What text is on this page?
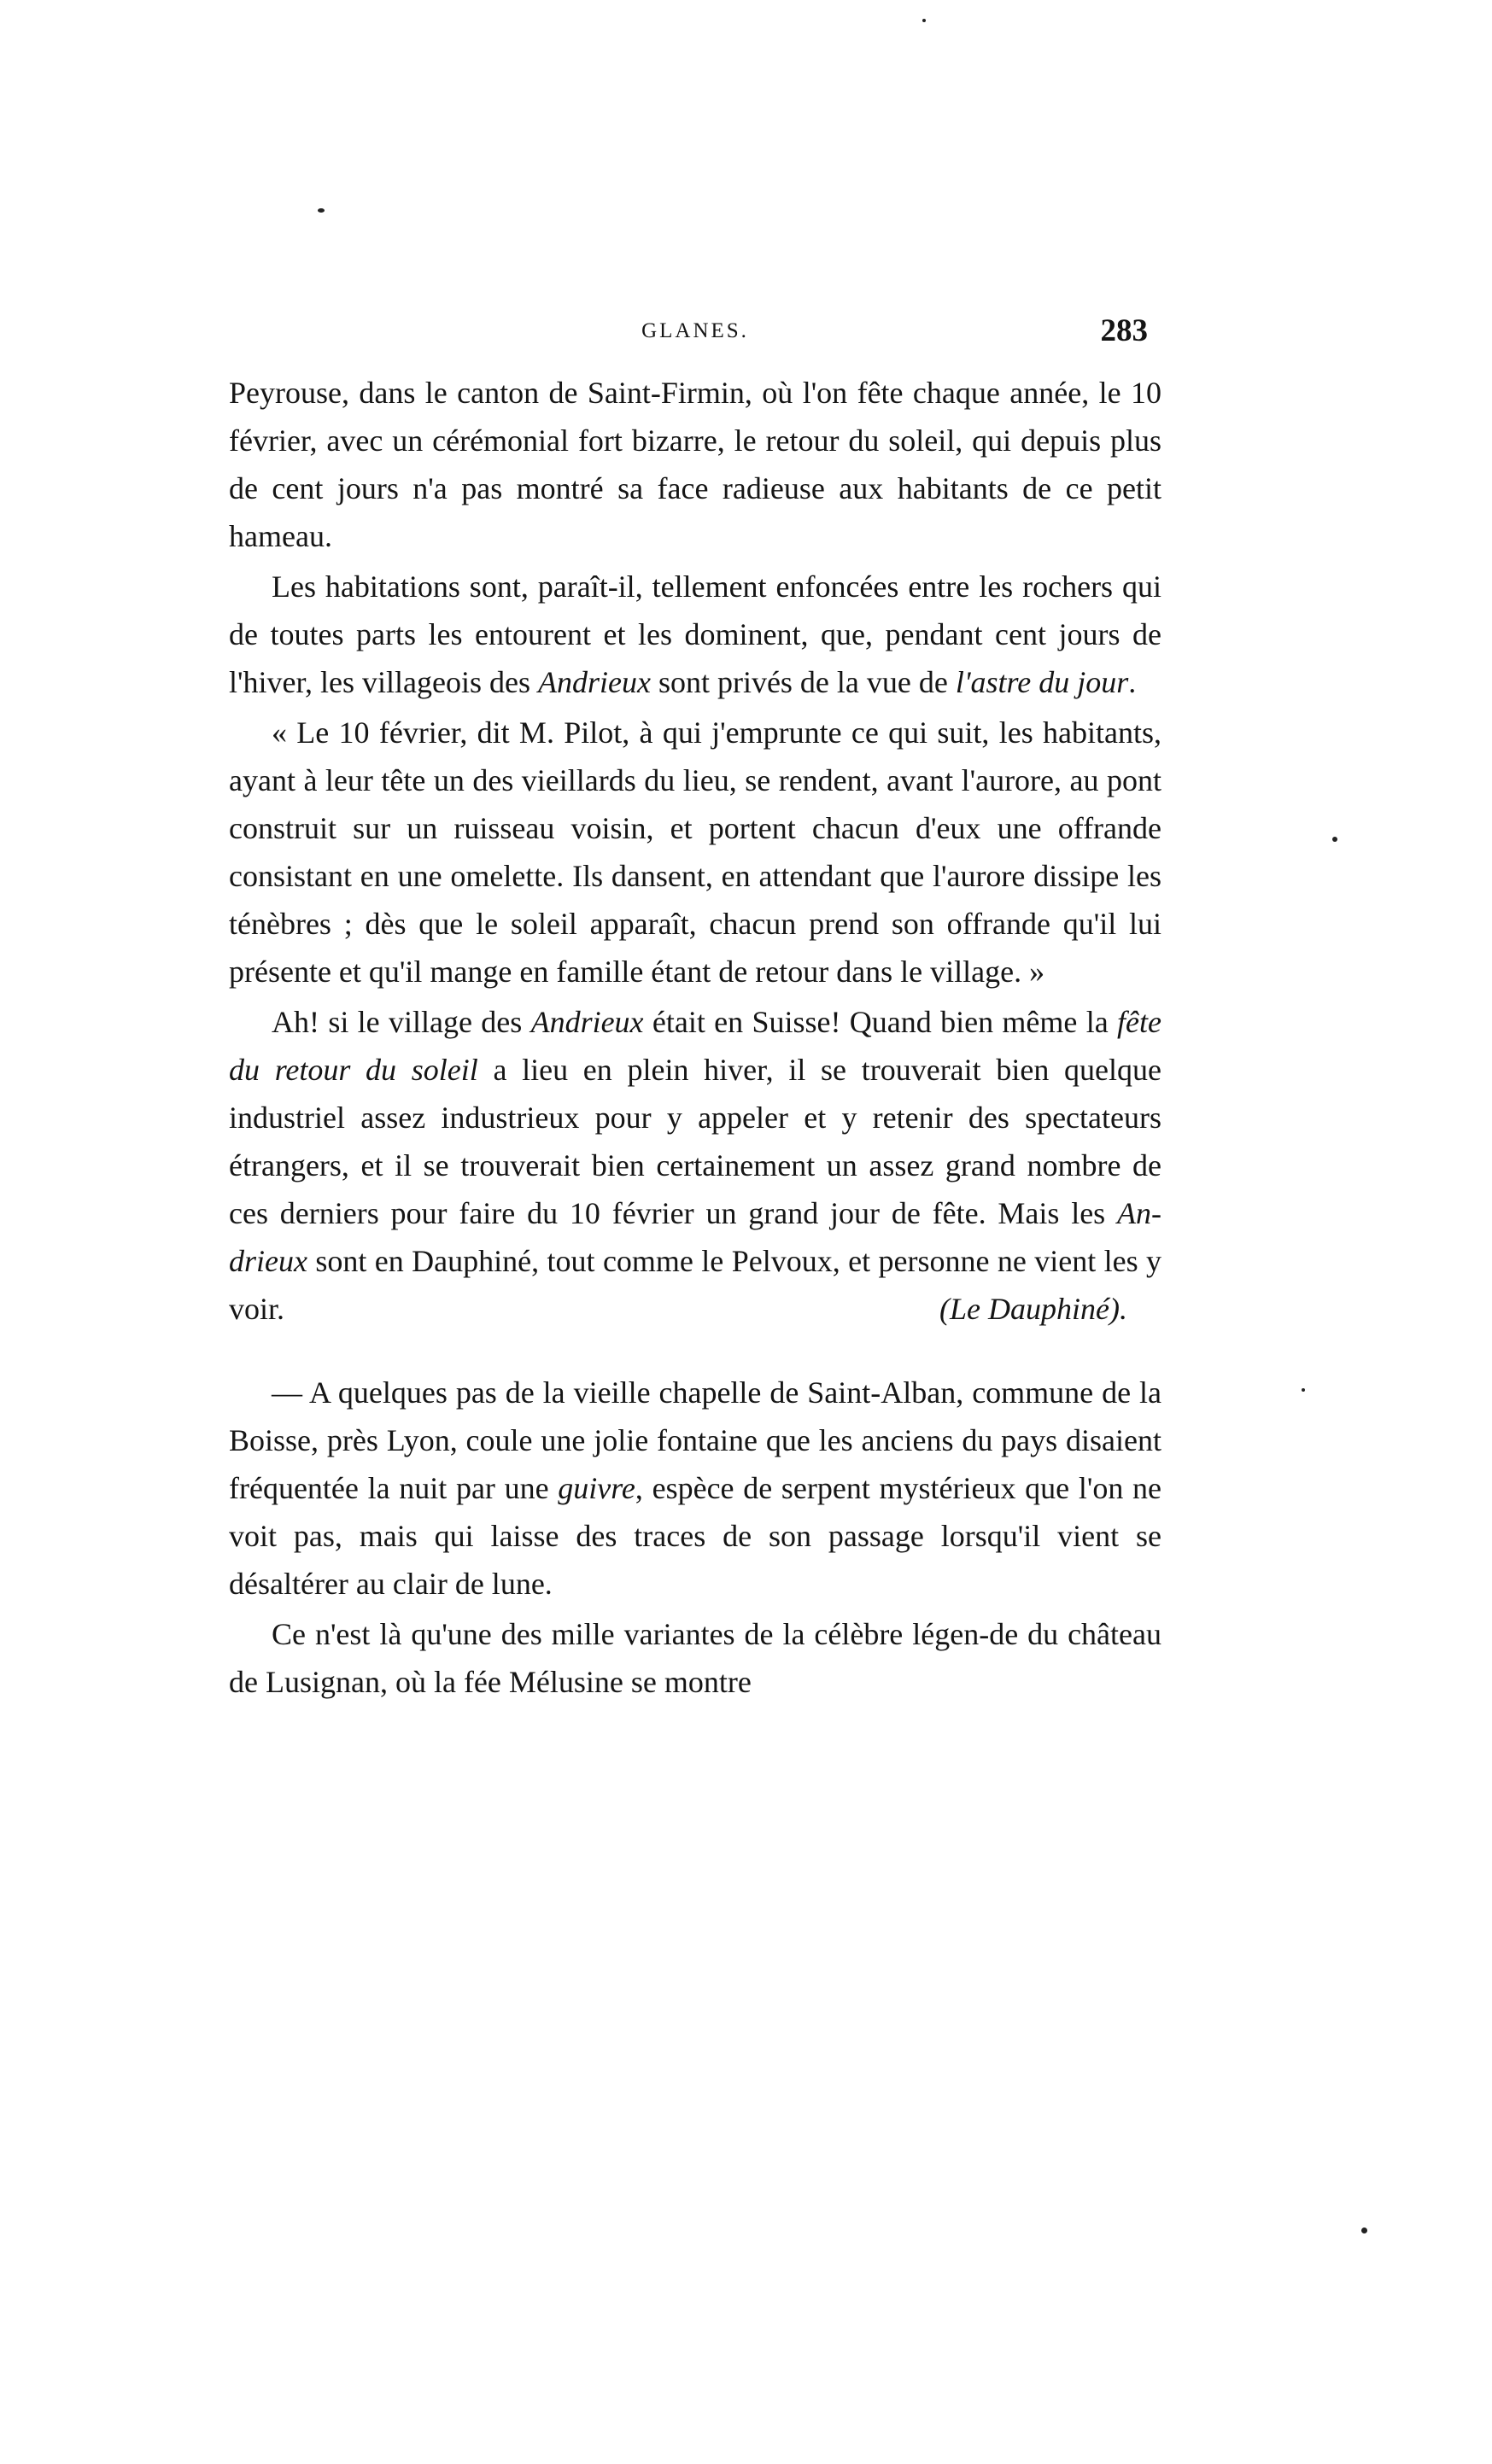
GLANES.	283

Peyrouse, dans le canton de Saint-Firmin, où l'on fête chaque année, le 10 février, avec un cérémonial fort bizarre, le retour du soleil, qui depuis plus de cent jours n'a pas montré sa face radieuse aux habitants de ce petit hameau.

Les habitations sont, paraît-il, tellement enfoncées entre les rochers qui de toutes parts les entourent et les dominent, que, pendant cent jours de l'hiver, les villageois des Andrieux sont privés de la vue de l'astre du jour.

« Le 10 février, dit M. Pilot, à qui j'emprunte ce qui suit, les habitants, ayant à leur tête un des vieillards du lieu, se rendent, avant l'aurore, au pont construit sur un ruisseau voisin, et portent chacun d'eux une offrande consistant en une omelette. Ils dansent, en attendant que l'aurore dissipe les ténèbres ; dès que le soleil apparaît, chacun prend son offrande qu'il lui présente et qu'il mange en famille étant de retour dans le village. »

Ah! si le village des Andrieux était en Suisse! Quand bien même la fête du retour du soleil a lieu en plein hiver, il se trouverait bien quelque industriel assez industrieux pour y appeler et y retenir des spectateurs étrangers, et il se trouverait bien certainement un assez grand nombre de ces derniers pour faire du 10 février un grand jour de fête. Mais les An-drieux sont en Dauphiné, tout comme le Pelvoux, et personne ne vient les y voir.	(Le Dauphiné).

— A quelques pas de la vieille chapelle de Saint-Alban, commune de la Boisse, près Lyon, coule une jolie fontaine que les anciens du pays disaient fréquentée la nuit par une guivre, espèce de serpent mystérieux que l'on ne voit pas, mais qui laisse des traces de son passage lorsqu'il vient se désaltérer au clair de lune.

Ce n'est là qu'une des mille variantes de la célèbre légen-de du château de Lusignan, où la fée Mélusine se montre
